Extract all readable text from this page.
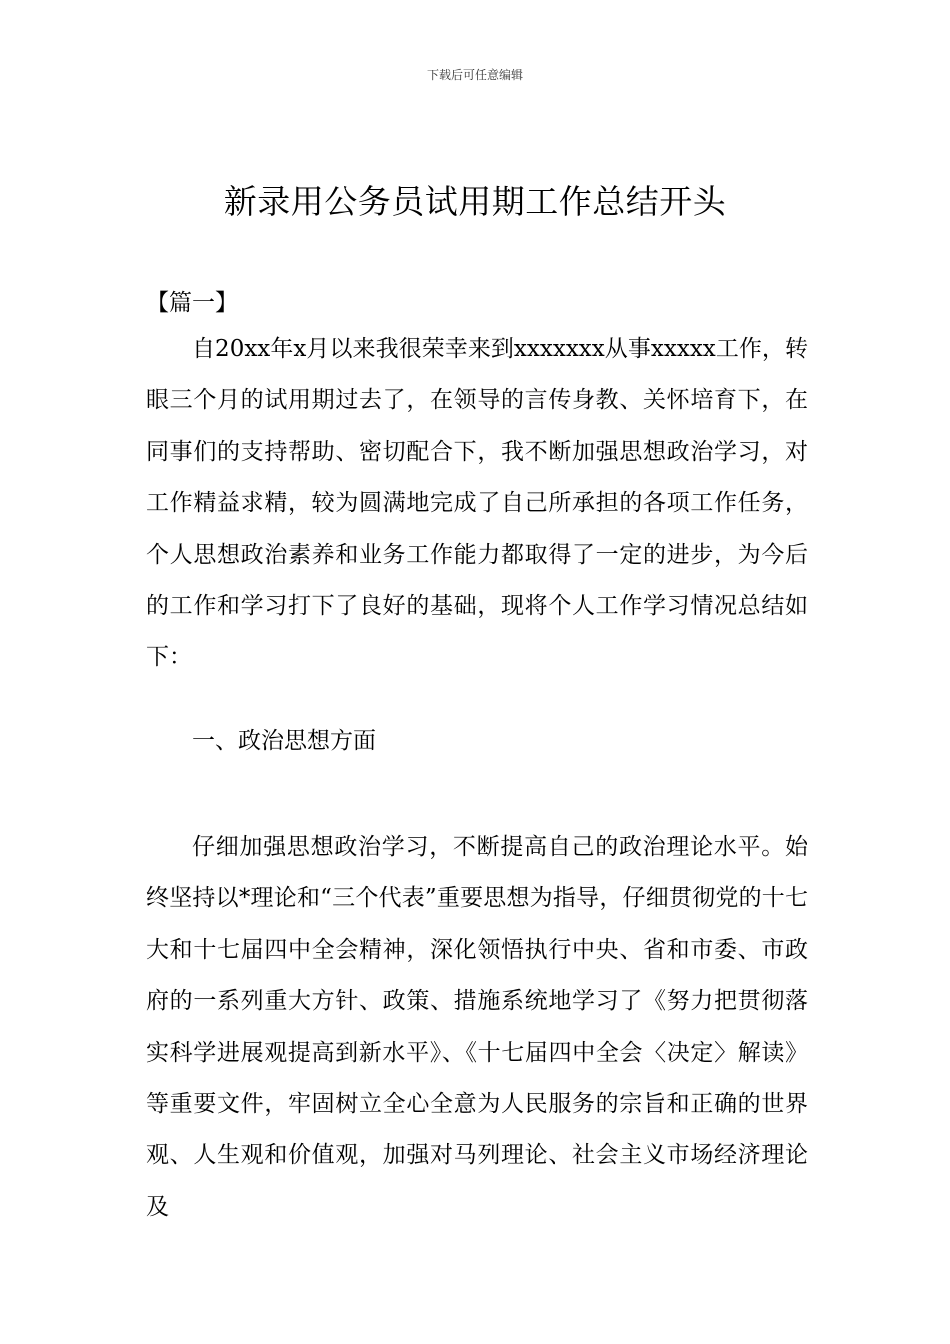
下载后可任意编辑
新录用公务员试用期工作总结开头
【篇一】

自20xx年x月以来我很荣幸来到xxxxxxx从事xxxxx工作，转眼三个月的试用期过去了，在领导的言传身教、关怀培育下，在同事们的支持帮助、密切配合下，我不断加强思想政治学习，对工作精益求精，较为圆满地完成了自己所承担的各项工作任务，个人思想政治素养和业务工作能力都取得了一定的进步，为今后的工作和学习打下了良好的基础，现将个人工作学习情况总结如下：

一、政治思想方面

仔细加强思想政治学习，不断提高自己的政治理论水平。始终坚持以*理论和“三个代表”重要思想为指导，仔细贯彻党的十七大和十七届四中全会精神，深化领悟执行中央、省和市委、市政府的一系列重大方针、政策、措施系统地学习了《努力把贯彻落实科学进展观提高到新水平》、《十七届四中全会〈决定〉解读》等重要文件，牢固树立全心全意为人民服务的宗旨和正确的世界观、人生观和价值观，加强对马列理论、社会主义市场经济理论及
